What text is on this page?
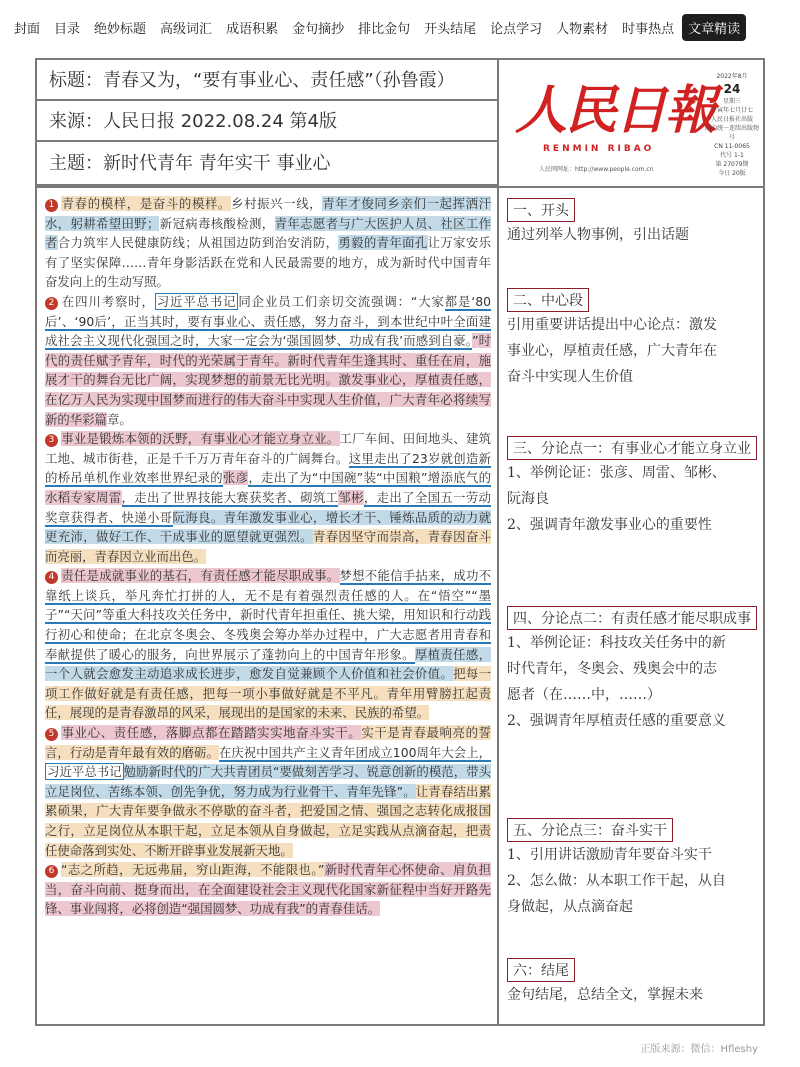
封面	目录	绝妙标题	高级词汇	成语积累	金句摘抄	排比金句	开头结尾	论点学习	人物素材	时事热点	文章精读
标题：青春又为，“要有事业心、责任感”（孙鲁霞）
来源：人民日报 2022.08.24 第4版
主题：新时代青年 青年实干 事业心
人民日報
RENMIN RIBAO
人民网网址：http://www.people.com.cn
2022年8月
24
星期三
壬寅年七月廿七
人民日报社出版
国内统一连续出版物号
CN 11-0065
代号 1-1
第 27079期
今日 20版

1 青春的模样，是奋斗的模样。乡村振兴一线，青年才俊同乡亲们一起挥洒汗水，躬耕希望田野；新冠病毒核酸检测，青年志愿者与广大医护人员、社区工作者合力筑牢人民健康防线；从祖国边防到治安消防，勇毅的青年面孔让万家安乐有了坚实保障……青年身影活跃在党和人民最需要的地方，成为新时代中国青年奋发向上的生动写照。

2 在四川考察时， 习近平总书记 同企业员工们亲切交流强调：“大家都是‘80后’、‘90后’，正当其时，要有事业心、责任感，努力奋斗，到本世纪中叶全面建成社会主义现代化强国之时，大家一定会为‘强国圆梦、功成有我’而感到自豪。”时代的责任赋予青年，时代的光荣属于青年。新时代青年生逢其时、重任在肩，施展才干的舞台无比广阔，实现梦想的前景无比光明。激发事业心，厚植责任感，在亿万人民为实现中国梦而进行的伟大奋斗中实现人生价值，广大青年必将续写新的华彩篇章。

3 事业是锻炼本领的沃野，有事业心才能立身立业。工厂车间、田间地头、建筑工地、城市街巷，正是千千万万青年奋斗的广阔舞台。这里走出了23岁就创造新的桥吊单机作业效率世界纪录的张彦，走出了为“中国碗”装“中国粮”增添底气的水稻专家周雷，走出了世界技能大赛获奖者、砌筑工邹彬，走出了全国五一劳动奖章获得者、快递小哥阮海良。青年激发事业心，增长才干、锤炼品质的动力就更充沛，做好工作、干成事业的愿望就更强烈。青春因坚守而崇高，青春因奋斗而亮丽，青春因立业而出色。

4 责任是成就事业的基石，有责任感才能尽职成事。梦想不能信手拈来，成功不靠纸上谈兵，举凡奔忙打拼的人，无不是有着强烈责任感的人。在“悟空”“墨子”“天问”等重大科技攻关任务中，新时代青年担重任、挑大梁，用知识和行动践行初心和使命；在北京冬奥会、冬残奥会筹办举办过程中，广大志愿者用青春和奉献提供了暖心的服务，向世界展示了蓬勃向上的中国青年形象。厚植责任感，一个人就会愈发主动追求成长进步，愈发自觉兼顾个人价值和社会价值。把每一项工作做好就是有责任感，把每一项小事做好就是不平凡。青年用臂膀扛起责任，展现的是青春激昂的风采，展现出的是国家的未来、民族的希望。

5 事业心、责任感，落脚点都在踏踏实实地奋斗实干。实干是青春最响亮的誓言，行动是青年最有效的磨砺。在庆祝中国共产主义青年团成立100周年大会上，习近平总书记 勉励新时代的广大共青团员“要做刻苦学习、锐意创新的模范，带头立足岗位、苦练本领、创先争优，努力成为行业骨干、青年先锋”。让青春结出累累硕果，广大青年要争做永不停歇的奋斗者，把爱国之情、强国之志转化成报国之行，立足岗位从本职干起，立足本领从自身做起，立足实践从点滴奋起，把责任使命落到实处、不断开辟事业发展新天地。

6 “志之所趋，无远弗届，穷山距海，不能限也。”新时代青年心怀使命、肩负担当，奋斗向前、挺身而出，在全面建设社会主义现代化国家新征程中当好开路先锋、事业闯将，必将创造“强国圆梦、功成有我”的青春佳话。

一、开头
通过列举人物事例，引出话题
二、中心段
引用重要讲话提出中心论点：激发
事业心，厚植责任感，广大青年在
奋斗中实现人生价值
三、分论点一：有事业心才能立身立业
1、举例论证：张彦、周雷、邹彬、
阮海良
2、强调青年激发事业心的重要性
四、分论点二：有责任感才能尽职成事
1、举例论证：科技攻关任务中的新
时代青年，冬奥会、残奥会中的志
愿者（在……中，……）
2、强调青年厚植责任感的重要意义
五、分论点三：奋斗实干
1、引用讲话激励青年要奋斗实干
2、怎么做：从本职工作干起，从自
身做起，从点滴奋起
六：结尾
金句结尾，总结全文，掌握未来
正版来源：微信：Hfleshy
